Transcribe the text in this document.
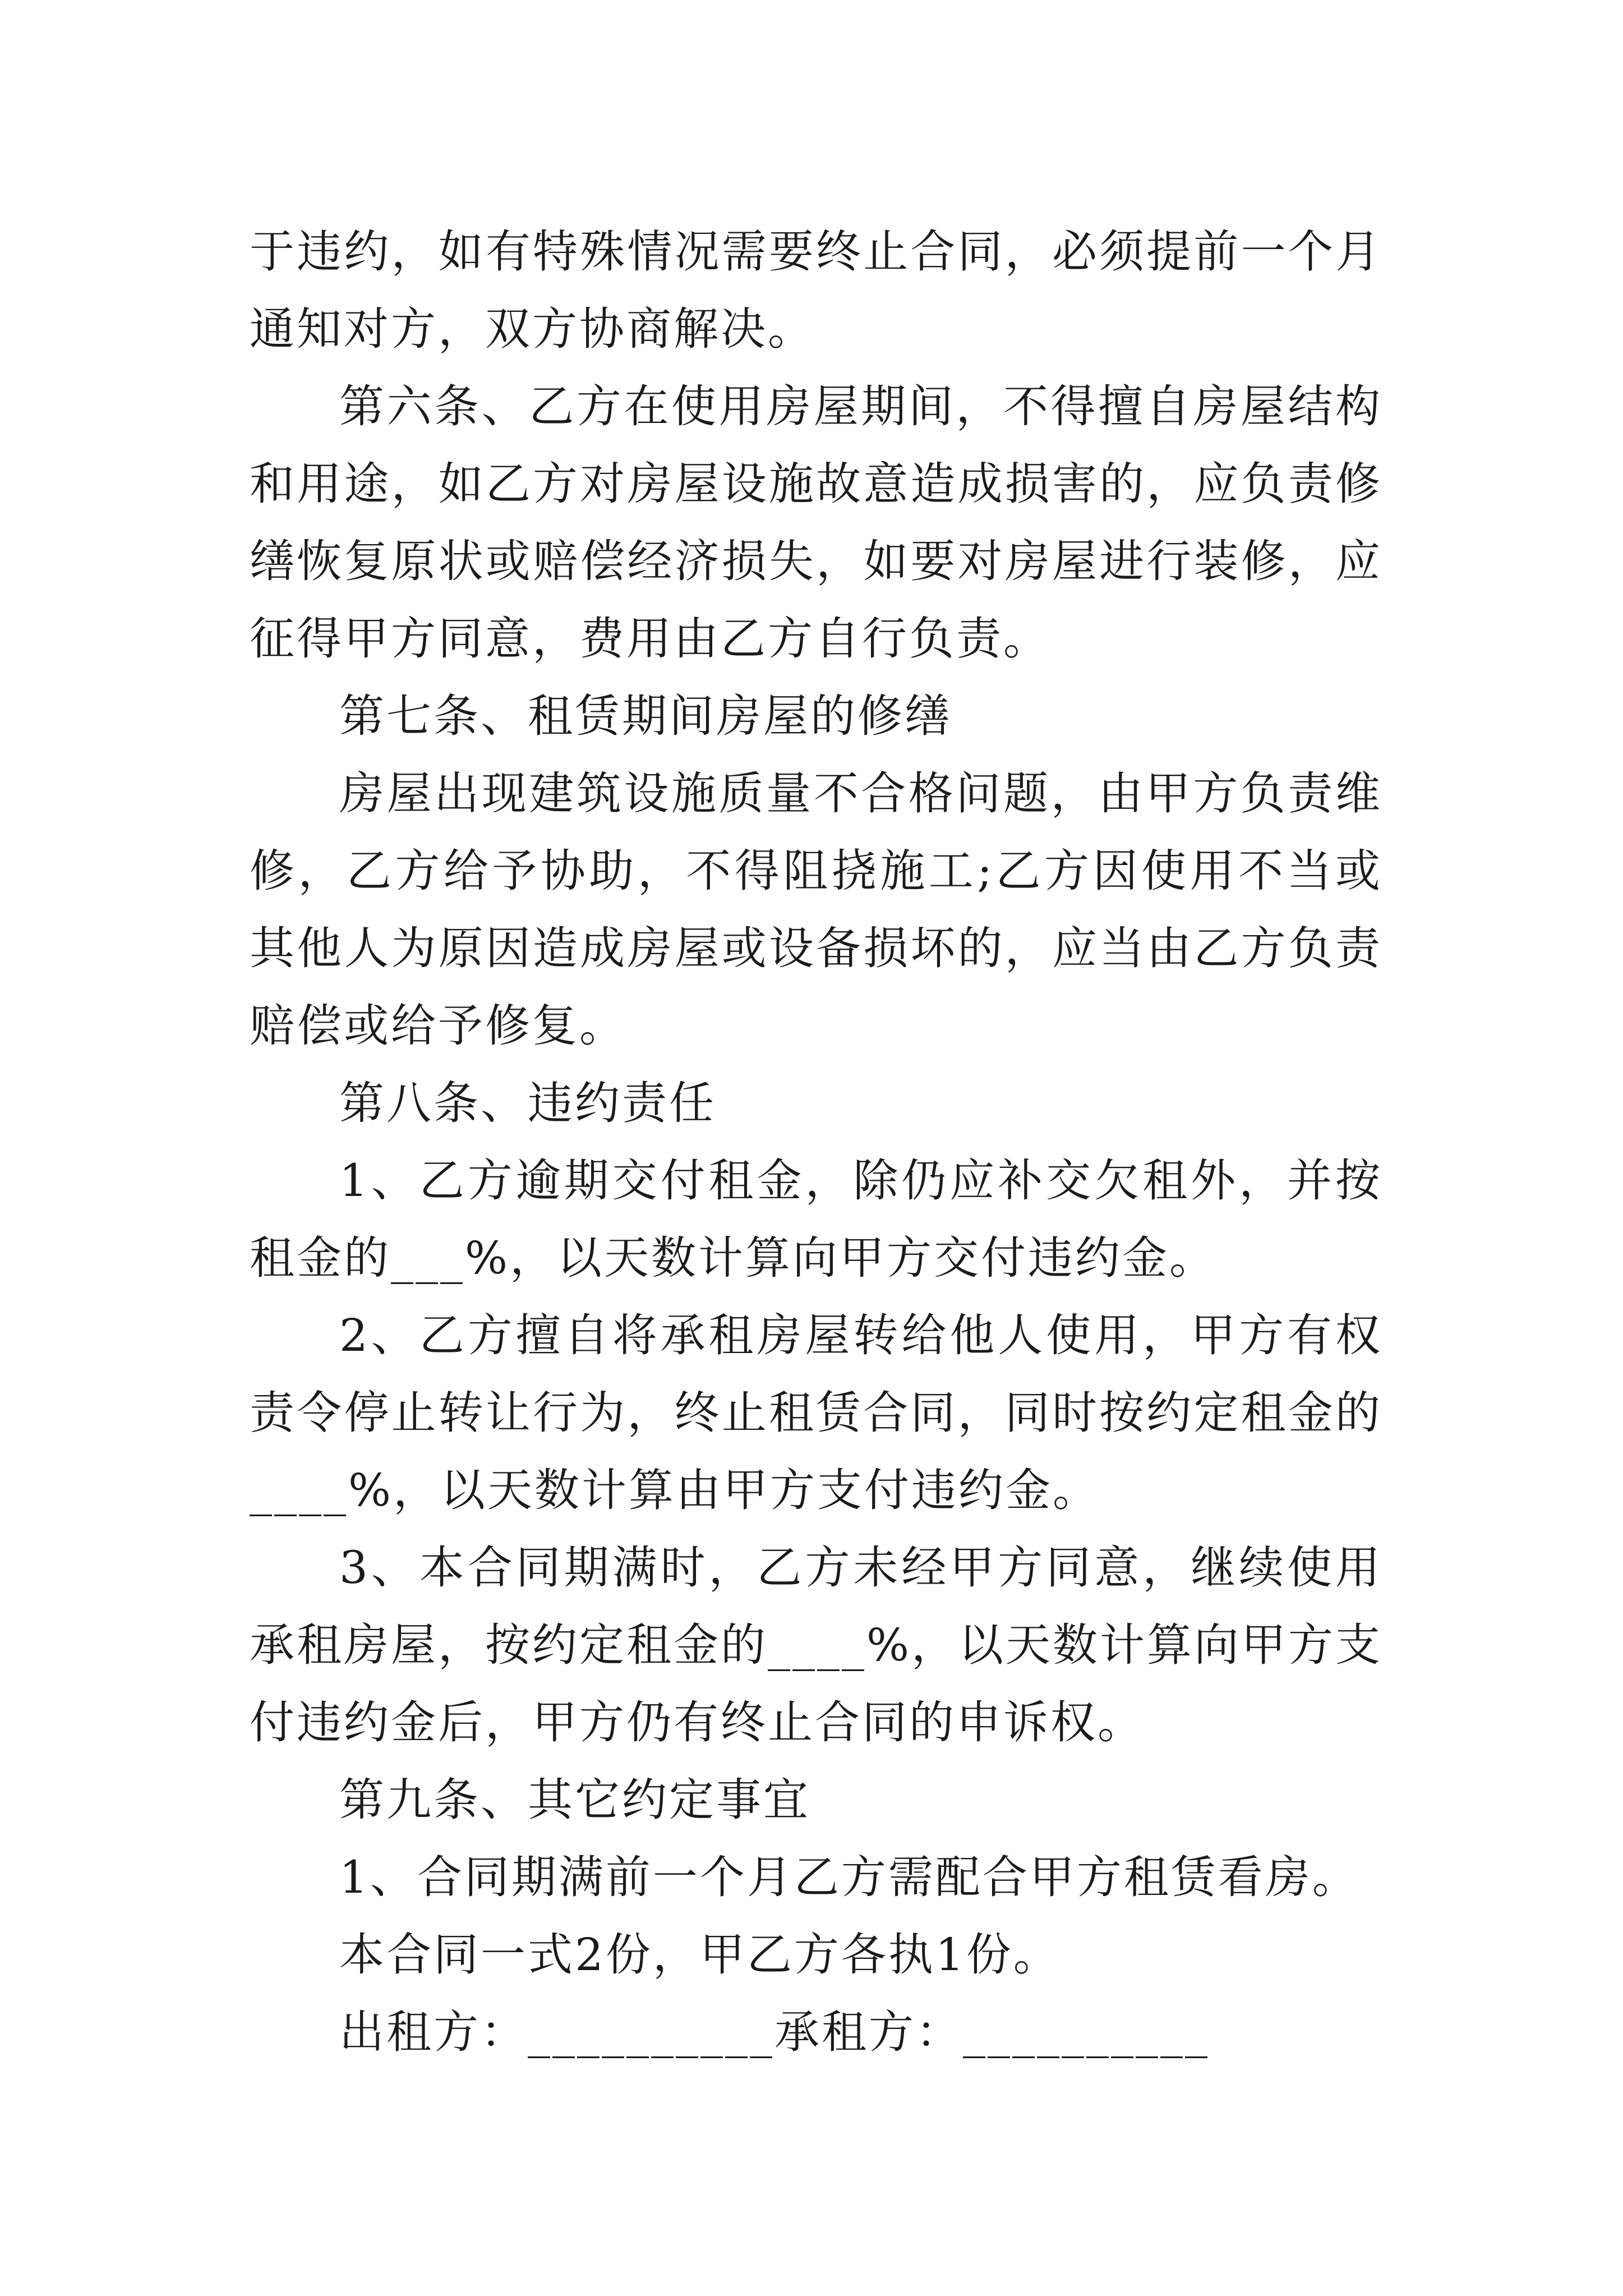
于违约，如有特殊情况需要终止合同，必须提前一个月通知对方，双方协商解决。

第六条、乙方在使用房屋期间，不得擅自房屋结构和用途，如乙方对房屋设施故意造成损害的，应负责修缮恢复原状或赔偿经济损失，如要对房屋进行装修，应征得甲方同意，费用由乙方自行负责。

第七条、租赁期间房屋的修缮

房屋出现建筑设施质量不合格问题，由甲方负责维修，乙方给予协助，不得阻挠施工;乙方因使用不当或其他人为原因造成房屋或设备损坏的，应当由乙方负责赔偿或给予修复。

第八条、违约责任

1、乙方逾期交付租金，除仍应补交欠租外，并按租金的___%，以天数计算向甲方交付违约金。

2、乙方擅自将承租房屋转给他人使用，甲方有权责令停止转让行为，终止租赁合同，同时按约定租金的____%，以天数计算由甲方支付违约金。

3、本合同期满时，乙方未经甲方同意，继续使用承租房屋，按约定租金的____%，以天数计算向甲方支付违约金后，甲方仍有终止合同的申诉权。

第九条、其它约定事宜

1、合同期满前一个月乙方需配合甲方租赁看房。

本合同一式2份，甲乙方各执1份。

出租方：__________承租方：__________
